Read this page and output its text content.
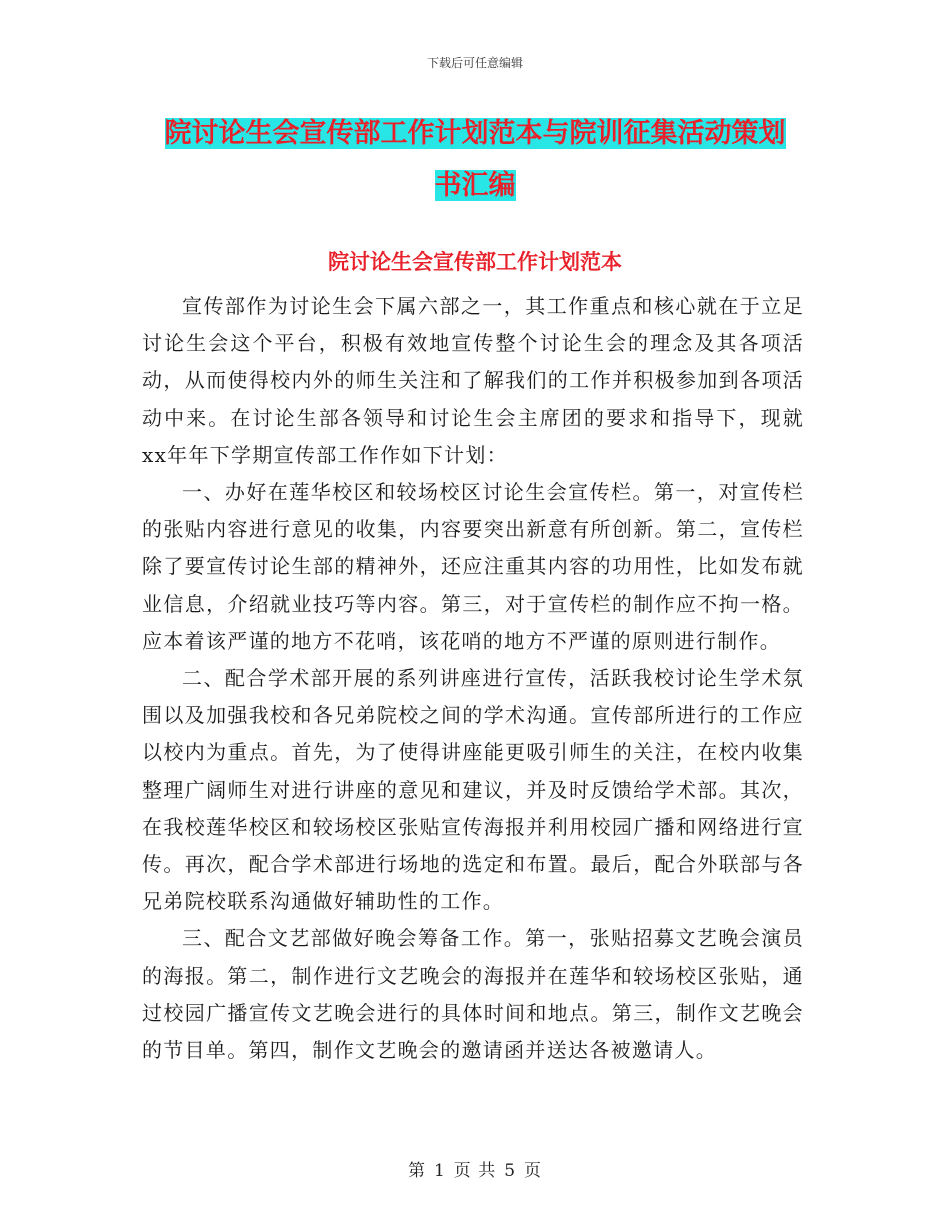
下载后可任意编辑
院讨论生会宣传部工作计划范本与院训征集活动策划
书汇编
院讨论生会宣传部工作计划范本

宣传部作为讨论生会下属六部之一，其工作重点和核心就在于立足讨论生会这个平台，积极有效地宣传整个讨论生会的理念及其各项活动，从而使得校内外的师生关注和了解我们的工作并积极参加到各项活动中来。在讨论生部各领导和讨论生会主席团的要求和指导下，现就xx年年下学期宣传部工作作如下计划：

一、办好在莲华校区和较场校区讨论生会宣传栏。第一，对宣传栏的张贴内容进行意见的收集，内容要突出新意有所创新。第二，宣传栏除了要宣传讨论生部的精神外，还应注重其内容的功用性，比如发布就业信息，介绍就业技巧等内容。第三，对于宣传栏的制作应不拘一格。应本着该严谨的地方不花哨，该花哨的地方不严谨的原则进行制作。

二、配合学术部开展的系列讲座进行宣传，活跃我校讨论生学术氛围以及加强我校和各兄弟院校之间的学术沟通。宣传部所进行的工作应以校内为重点。首先，为了使得讲座能更吸引师生的关注，在校内收集整理广阔师生对进行讲座的意见和建议，并及时反馈给学术部。其次，在我校莲华校区和较场校区张贴宣传海报并利用校园广播和网络进行宣传。再次，配合学术部进行场地的选定和布置。最后，配合外联部与各兄弟院校联系沟通做好辅助性的工作。

三、配合文艺部做好晚会筹备工作。第一，张贴招募文艺晚会演员的海报。第二，制作进行文艺晚会的海报并在莲华和较场校区张贴，通过校园广播宣传文艺晚会进行的具体时间和地点。第三，制作文艺晚会的节目单。第四，制作文艺晚会的邀请函并送达各被邀请人。

第 1 页 共 5 页
